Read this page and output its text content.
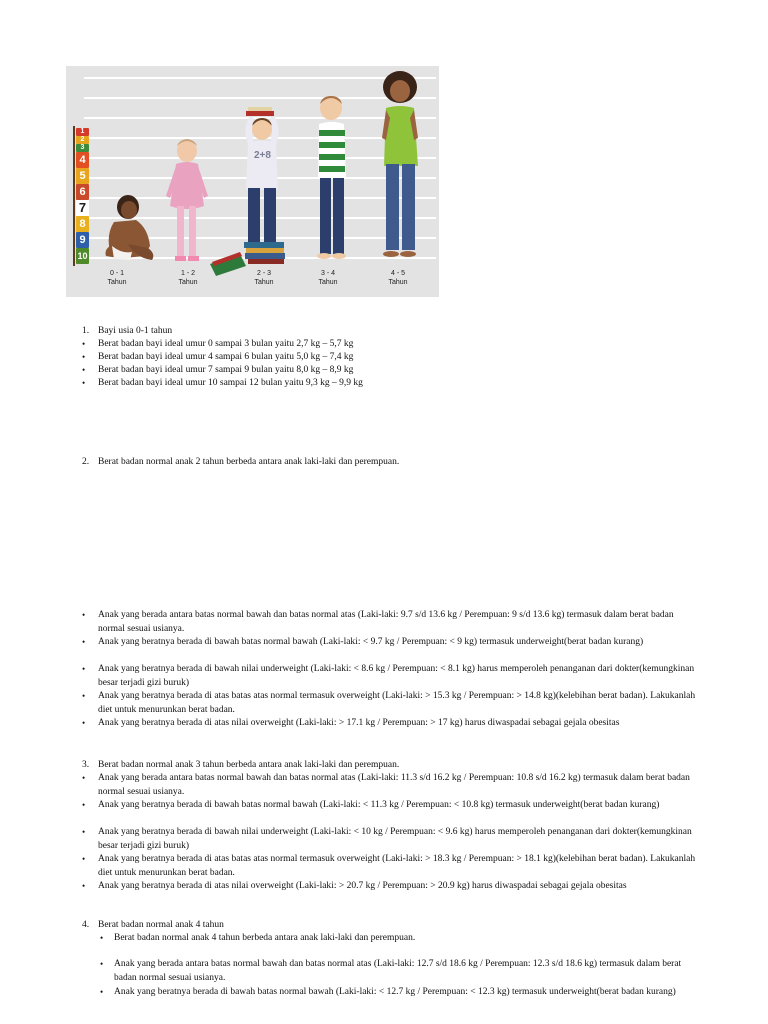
1
2
3
4
5
6
7
8
9
10
2+8
0 - 1
Tahun
1 - 2
Tahun
2 - 3
Tahun
3 - 4
Tahun
4 - 5
Tahun
1. Bayi usia 0-1 tahun
• Berat badan bayi ideal umur 0 sampai 3 bulan yaitu 2,7 kg – 5,7 kg
• Berat badan bayi ideal umur 4 sampai 6 bulan yaitu 5,0 kg – 7,4 kg
• Berat badan bayi ideal umur 7 sampai 9 bulan yaitu 8,0 kg – 8,9 kg
• Berat badan bayi ideal umur 10 sampai 12 bulan yaitu 9,3 kg – 9,9 kg
2. Berat badan normal anak 2 tahun berbeda antara anak laki-laki dan perempuan.
• Anak yang berada antara batas normal bawah dan batas normal atas (Laki-laki: 9.7 s/d 13.6 kg / Perempuan: 9 s/d 13.6 kg) termasuk dalam berat badan normal sesuai usianya.
• Anak yang beratnya berada di bawah batas normal bawah (Laki-laki: < 9.7 kg / Perempuan: < 9 kg) termasuk underweight(berat badan kurang)
• Anak yang beratnya berada di bawah nilai underweight (Laki-laki: < 8.6 kg / Perempuan: < 8.1 kg) harus memperoleh penanganan dari dokter(kemungkinan besar terjadi gizi buruk)
• Anak yang beratnya berada di atas batas atas normal termasuk overweight (Laki-laki: > 15.3 kg / Perempuan: > 14.8 kg)(kelebihan berat badan). Lakukanlah diet untuk menurunkan berat badan.
• Anak yang beratnya berada di atas nilai overweight (Laki-laki: > 17.1 kg / Perempuan: > 17 kg) harus diwaspadai sebagai gejala obesitas
3. Berat badan normal anak 3 tahun berbeda antara anak laki-laki dan perempuan.
• Anak yang berada antara batas normal bawah dan batas normal atas (Laki-laki: 11.3 s/d 16.2 kg / Perempuan: 10.8 s/d 16.2 kg) termasuk dalam berat badan normal sesuai usianya.
• Anak yang beratnya berada di bawah batas normal bawah (Laki-laki: < 11.3 kg / Perempuan: < 10.8 kg) termasuk underweight(berat badan kurang)
• Anak yang beratnya berada di bawah nilai underweight (Laki-laki: < 10 kg / Perempuan: < 9.6 kg) harus memperoleh penanganan dari dokter(kemungkinan besar terjadi gizi buruk)
• Anak yang beratnya berada di atas batas atas normal termasuk overweight (Laki-laki: > 18.3 kg / Perempuan: > 18.1 kg)(kelebihan berat badan). Lakukanlah diet untuk menurunkan berat badan.
• Anak yang beratnya berada di atas nilai overweight (Laki-laki: > 20.7 kg / Perempuan: > 20.9 kg) harus diwaspadai sebagai gejala obesitas
4. Berat badan normal anak 4 tahun
• Berat badan normal anak 4 tahun berbeda antara anak laki-laki dan perempuan.
• Anak yang berada antara batas normal bawah dan batas normal atas (Laki-laki: 12.7 s/d 18.6 kg / Perempuan: 12.3 s/d 18.6 kg) termasuk dalam berat badan normal sesuai usianya.
• Anak yang beratnya berada di bawah batas normal bawah (Laki-laki: < 12.7 kg / Perempuan: < 12.3 kg) termasuk underweight(berat badan kurang)
